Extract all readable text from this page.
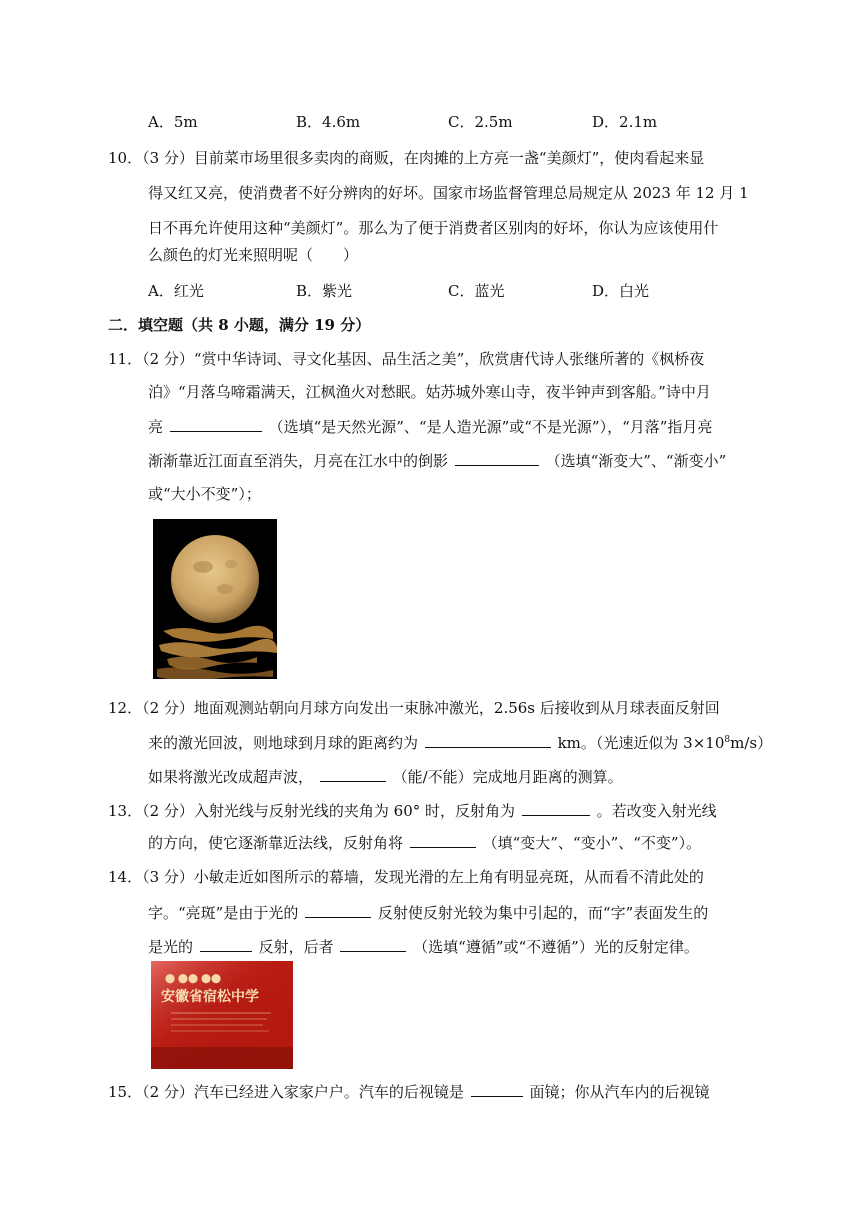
A．5m	B．4.6m	C．2.5m	D．2.1m
10．（3 分）目前菜市场里很多卖肉的商贩，在肉摊的上方亮一盏“美颜灯”，使肉看起来显
得又红又亮，使消费者不好分辨肉的好坏。国家市场监督管理总局规定从 2023 年 12 月 1
日不再允许使用这种“美颜灯”。那么为了便于消费者区别肉的好坏，你认为应该使用什
么颜色的灯光来照明呢（　　）
A．红光	B．紫光	C．蓝光	D．白光
二．填空题（共 8 小题，满分 19 分）
11．（2 分）“赏中华诗词、寻文化基因、品生活之美”，欣赏唐代诗人张继所著的《枫桥夜
泊》“月落乌啼霜满天，江枫渔火对愁眠。姑苏城外寒山寺，夜半钟声到客船。”诗中月
亮	（选填“是天然光源”、“是人造光源”或“不是光源”），“月落”指月亮
渐渐靠近江面直至消失，月亮在江水中的倒影	（选填“渐变大”、“渐变小”
或“大小不变”）；
12．（2 分）地面观测站朝向月球方向发出一束脉冲激光，2.56s 后接收到从月球表面反射回
来的激光回波，则地球到月球的距离约为	km。（光速近似为 $3\times 10^8m/s$）
如果将激光改成超声波，	（能/不能）完成地月距离的测算。
13．（2 分）入射光线与反射光线的夹角为 60° 时，反射角为	。若改变入射光线
的方向，使它逐渐靠近法线，反射角将	（填“变大”、“变小”、“不变”）。
14．（3 分）小敏走近如图所示的幕墙，发现光滑的左上角有明显亮斑，从而看不清此处的
字。“亮斑”是由于光的	反射使反射光较为集中引起的，而“字”表面发生的
是光的	反射，后者	（选填“遵循”或“不遵循”）光的反射定律。
⬤ ⬤⬤ ⬤⬤
安徽省宿松中学
15．（2 分）汽车已经进入家家户户。汽车的后视镜是	面镜；你从汽车内的后视镜
